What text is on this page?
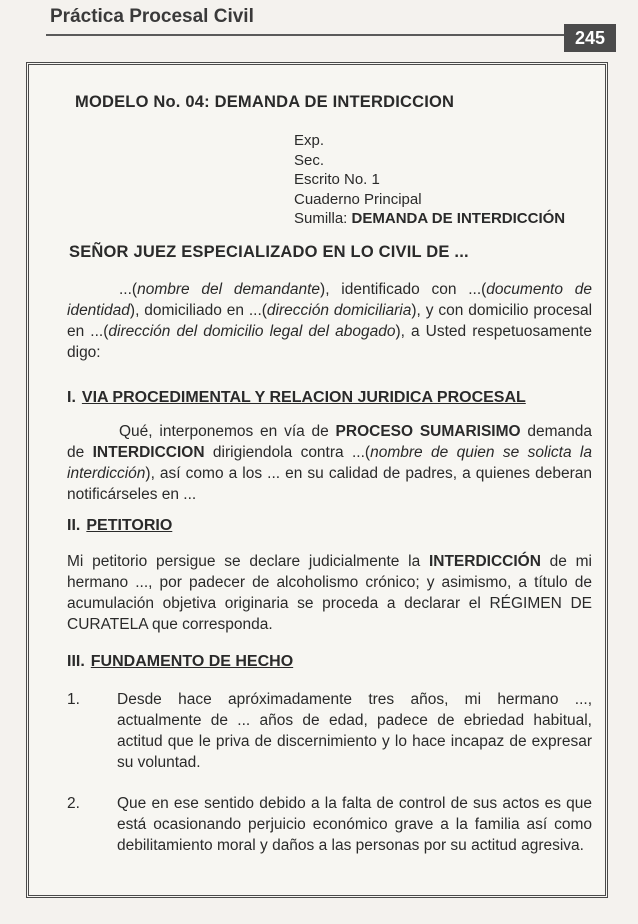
Práctica Procesal Civil
245
MODELO No. 04: DEMANDA DE INTERDICCION
Exp.
Sec.
Escrito No. 1
Cuaderno Principal
Sumilla: DEMANDA DE INTERDICCIÓN
SEÑOR JUEZ ESPECIALIZADO EN LO CIVIL DE ...
...(nombre del demandante), identificado con ...(documento de identidad), domiciliado en ...(dirección domiciliaria), y con domicilio procesal en ...(dirección del domicilio legal del abogado), a Usted respetuosamente digo:
I. VIA PROCEDIMENTAL Y RELACION JURIDICA PROCESAL
Qué, interponemos en vía de PROCESO SUMARISIMO demanda de INTERDICCION dirigiendola contra ...(nombre de quien se solicta la interdicción), así como a los ... en su calidad de padres, a quienes deberan notificárseles en ...
II. PETITORIO
Mi petitorio persigue se declare judicialmente la INTERDICCIÓN de mi hermano ..., por padecer de alcoholismo crónico; y asimismo, a título de acumulación objetiva originaria se proceda a declarar el RÉGIMEN DE CURATELA que corresponda.
III. FUNDAMENTO DE HECHO
1.	Desde hace apróximadamente tres años, mi hermano ..., actualmente de ... años de edad, padece de ebriedad habitual, actitud que le priva de discernimiento y lo hace incapaz de expresar su voluntad.
2.	Que en ese sentido debido a la falta de control de sus actos es que está ocasionando perjuicio económico grave a la familia así como debilitamiento moral y daños a las personas por su actitud agresiva.
